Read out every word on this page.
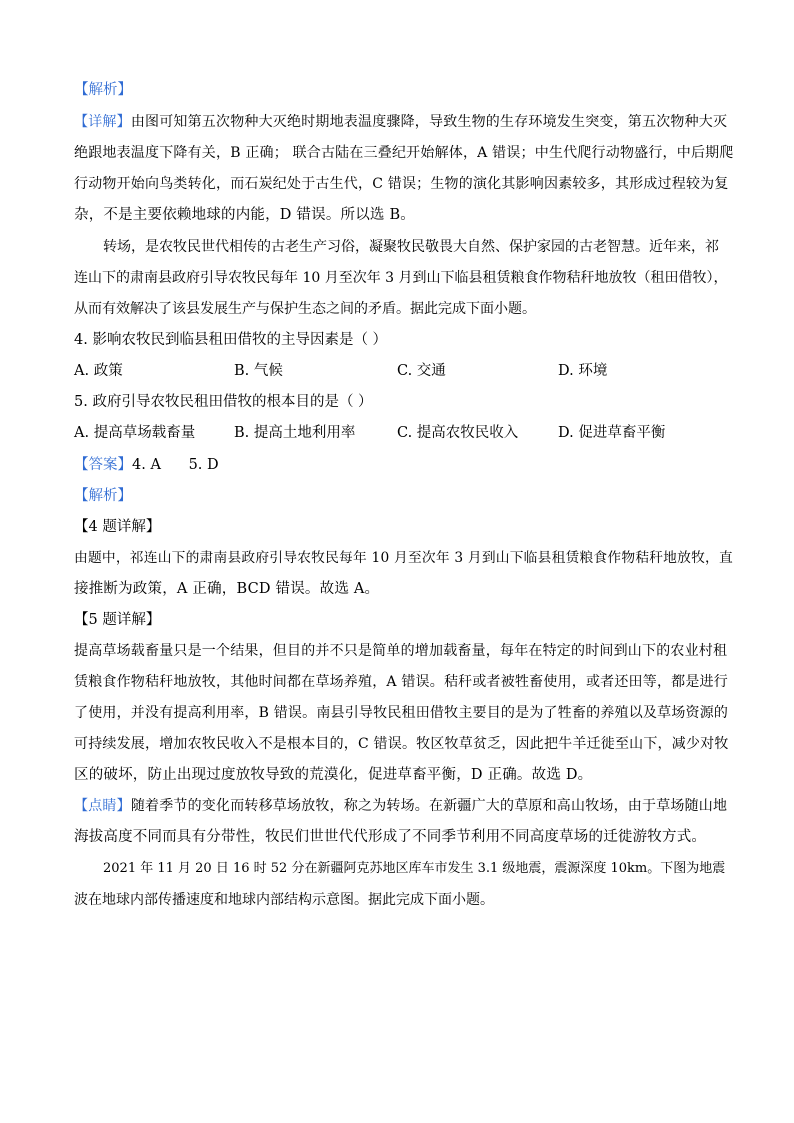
【解析】
【详解】由图可知第五次物种大灭绝时期地表温度骤降，导致生物的生存环境发生突变，第五次物种大灭
绝跟地表温度下降有关，B 正确； 联合古陆在三叠纪开始解体，A 错误；中生代爬行动物盛行，中后期爬
行动物开始向鸟类转化，而石炭纪处于古生代，C 错误；生物的演化其影响因素较多，其形成过程较为复
杂，不是主要依赖地球的内能，D 错误。所以选 B。
转场，是农牧民世代相传的古老生产习俗，凝聚牧民敬畏大自然、保护家园的古老智慧。近年来，祁
连山下的肃南县政府引导农牧民每年 10 月至次年 3 月到山下临县租赁粮食作物秸秆地放牧（租田借牧），
从而有效解决了该县发展生产与保护生态之间的矛盾。据此完成下面小题。
4. 影响农牧民到临县租田借牧的主导因素是（ ）
A. 政策	B. 气候	C. 交通	D. 环境
5. 政府引导农牧民租田借牧的根本目的是（ ）
A. 提高草场载畜量	B. 提高土地利用率	C. 提高农牧民收入	D. 促进草畜平衡
【答案】4. A      5. D
【解析】
【4 题详解】
由题中，祁连山下的肃南县政府引导农牧民每年 10 月至次年 3 月到山下临县租赁粮食作物秸秆地放牧，直
接推断为政策，A 正确，BCD 错误。故选 A。
【5 题详解】
提高草场载畜量只是一个结果，但目的并不只是简单的增加载畜量，每年在特定的时间到山下的农业村租
赁粮食作物秸秆地放牧，其他时间都在草场养殖，A 错误。秸秆或者被牲畜使用，或者还田等，都是进行
了使用，并没有提高利用率，B 错误。南县引导牧民租田借牧主要目的是为了牲畜的养殖以及草场资源的
可持续发展，增加农牧民收入不是根本目的，C 错误。牧区牧草贫乏，因此把牛羊迁徙至山下，减少对牧
区的破坏，防止出现过度放牧导致的荒漠化，促进草畜平衡，D 正确。故选 D。
【点睛】随着季节的变化而转移草场放牧，称之为转场。在新疆广大的草原和高山牧场，由于草场随山地
海拔高度不同而具有分带性，牧民们世世代代形成了不同季节利用不同高度草场的迁徙游牧方式。
2021 年 11 月 20 日 16 时 52 分在新疆阿克苏地区库车市发生 3.1 级地震，震源深度 10km。下图为地震
波在地球内部传播速度和地球内部结构示意图。据此完成下面小题。
